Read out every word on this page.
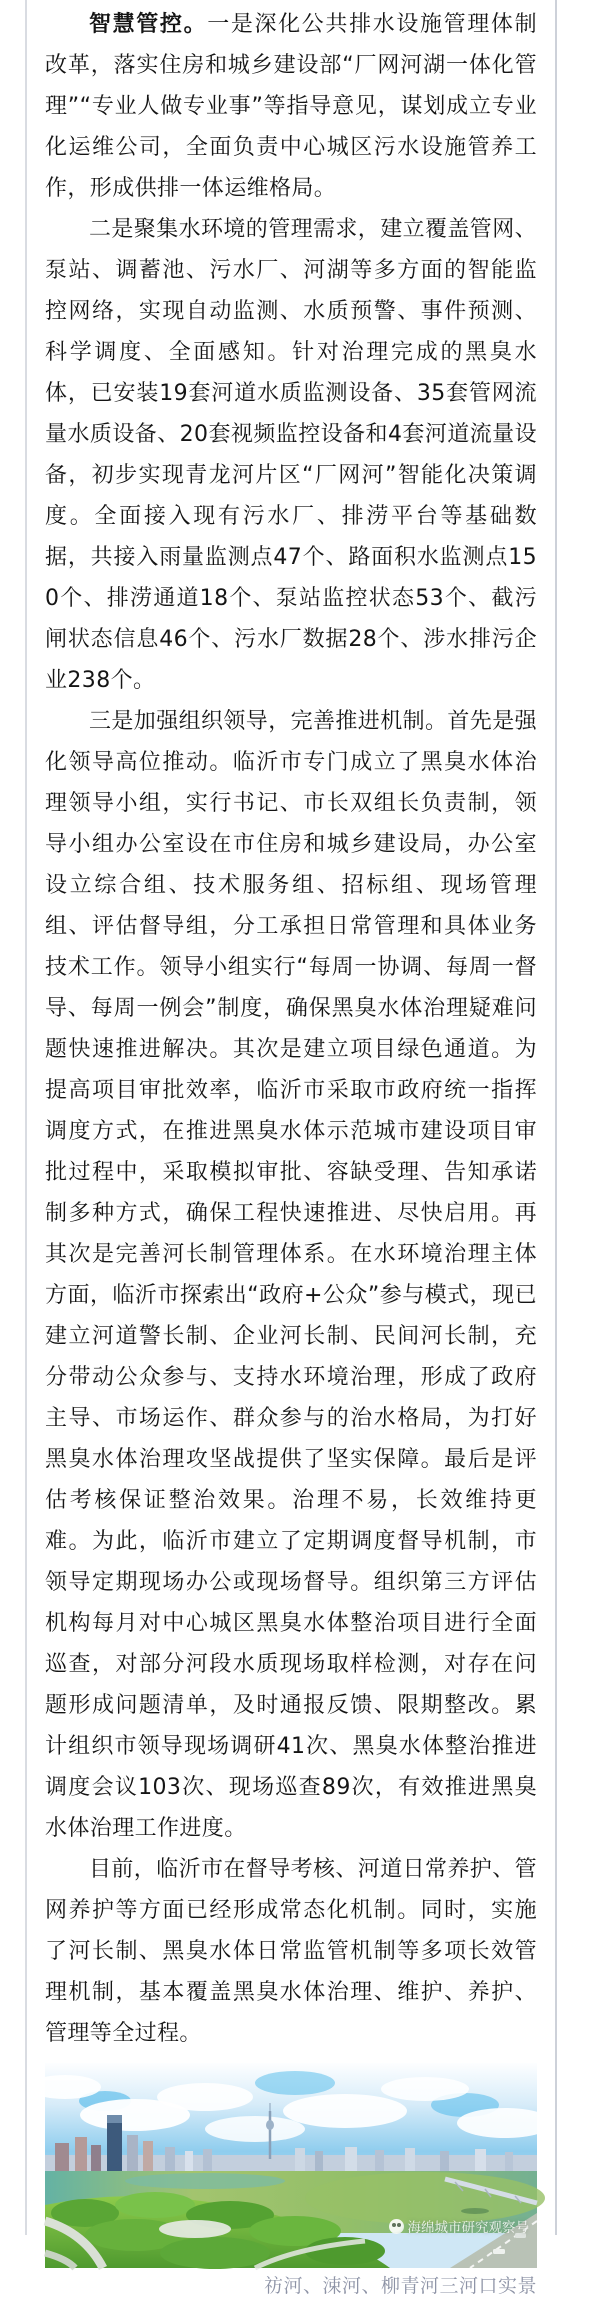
智慧管控。一是深化公共排水设施管理体制改革，落实住房和城乡建设部“厂网河湖一体化管理”“专业人做专业事”等指导意见，谋划成立专业化运维公司，全面负责中心城区污水设施管养工作，形成供排一体运维格局。

二是聚集水环境的管理需求，建立覆盖管网、泵站、调蓄池、污水厂、河湖等多方面的智能监控网络，实现自动监测、水质预警、事件预测、科学调度、全面感知。针对治理完成的黑臭水体，已安装19套河道水质监测设备、35套管网流量水质设备、20套视频监控设备和4套河道流量设备，初步实现青龙河片区“厂网河”智能化决策调度。全面接入现有污水厂、排涝平台等基础数据，共接入雨量监测点47个、路面积水监测点150个、排涝通道18个、泵站监控状态53个、截污闸状态信息46个、污水厂数据28个、涉水排污企业238个。

三是加强组织领导，完善推进机制。首先是强化领导高位推动。临沂市专门成立了黑臭水体治理领导小组，实行书记、市长双组长负责制，领导小组办公室设在市住房和城乡建设局，办公室设立综合组、技术服务组、招标组、现场管理组、评估督导组，分工承担日常管理和具体业务技术工作。领导小组实行“每周一协调、每周一督导、每周一例会”制度，确保黑臭水体治理疑难问题快速推进解决。其次是建立项目绿色通道。为提高项目审批效率，临沂市采取市政府统一指挥调度方式，在推进黑臭水体示范城市建设项目审批过程中，采取模拟审批、容缺受理、告知承诺制多种方式，确保工程快速推进、尽快启用。再其次是完善河长制管理体系。在水环境治理主体方面，临沂市探索出“政府+公众”参与模式，现已建立河道警长制、企业河长制、民间河长制，充分带动公众参与、支持水环境治理，形成了政府主导、市场运作、群众参与的治水格局，为打好黑臭水体治理攻坚战提供了坚实保障。最后是评估考核保证整治效果。治理不易，长效维持更难。为此，临沂市建立了定期调度督导机制，市领导定期现场办公或现场督导。组织第三方评估机构每月对中心城区黑臭水体整治项目进行全面巡查，对部分河段水质现场取样检测，对存在问题形成问题清单，及时通报反馈、限期整改。累计组织市领导现场调研41次、黑臭水体整治推进调度会议103次、现场巡查89次，有效推进黑臭水体治理工作进度。

目前，临沂市在督导考核、河道日常养护、管网养护等方面已经形成常态化机制。同时，实施了河长制、黑臭水体日常监管机制等多项长效管理机制，基本覆盖黑臭水体治理、维护、养护、管理等全过程。

海绵城市研究观察号
祊河、涑河、柳青河三河口实景
